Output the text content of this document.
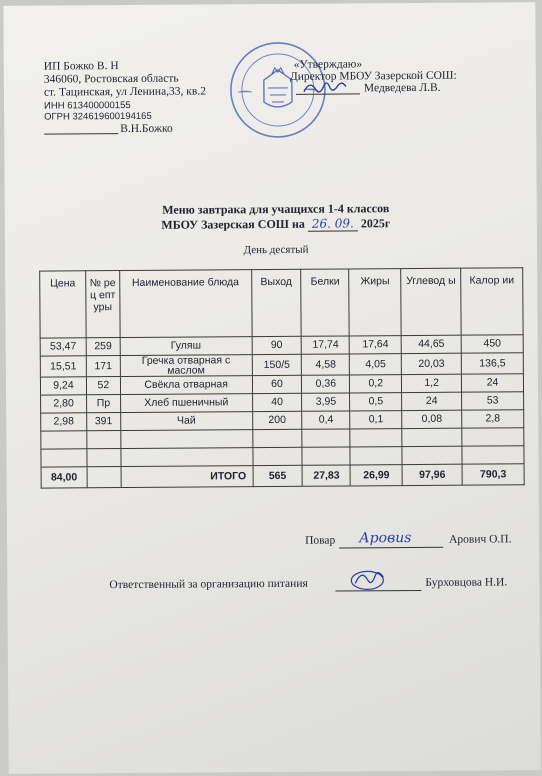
ИП Божко В. Н
346060, Ростовская область
ст. Тацинская, ул Ленина,33, кв.2
ИНН 613400000155
ОГРН 324619600194165
В.Н.Божко
«Утверждаю»
Директор МБОУ Зазерской СОШ:
Медведева Л.В.
Меню завтрака для учащихся 1-4 классов
МБОУ Зазерская СОШ на 26. 09. 2025г
День десятый
Цена	№ рец епт уры	Наименование блюда	Выход	Белки	Жиры	Углевод ы	Калор ии
53,47	259	Гуляш	90	17,74	17,64	44,65	450
15,51	171	Гречка отварная с маслом	150/5	4,58	4,05	20,03	136,5
9,24	52	Свёкла отварная	60	0,36	0,2	1,2	24
2,80	Пр	Хлеб пшеничный	40	3,95	0,5	24	53
2,98	391	Чай	200	0,4	0,1	0,08	2,8

84,00		ИТОГО	565	27,83	26,99	97,96	790,3
Повар Аровиs	Арович О.П.
Ответственный за организацию питания	Бурховцова Н.И.
